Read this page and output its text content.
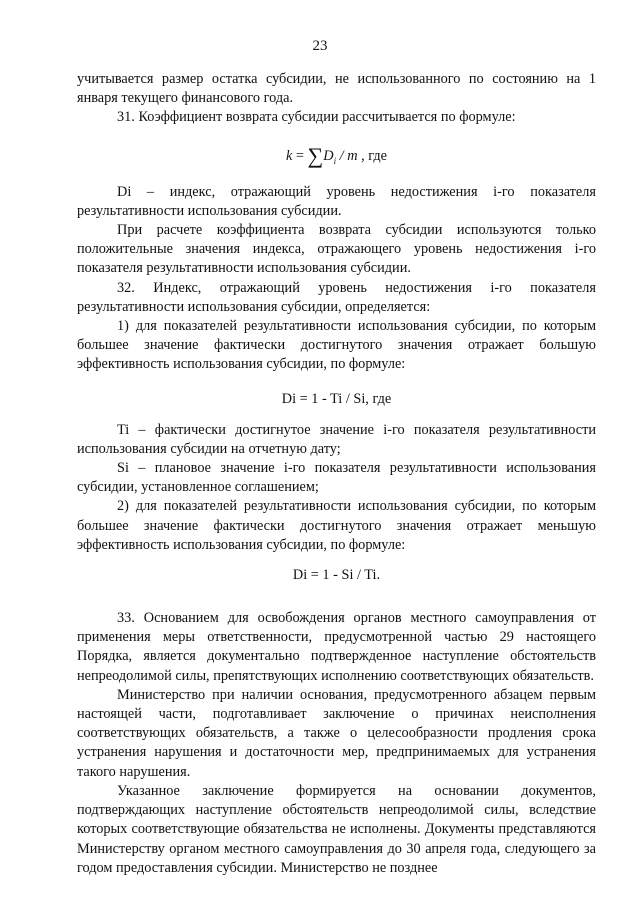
23

учитывается размер остатка субсидии, не использованного по состоянию на 1 января текущего финансового года.

31. Коэффициент возврата субсидии рассчитывается по формуле:

$k = \sum D_i / m$ , где

Di – индекс, отражающий уровень недостижения i-го показателя результативности использования субсидии.

При расчете коэффициента возврата субсидии используются только положительные значения индекса, отражающего уровень недостижения i-го показателя результативности использования субсидии.

32. Индекс, отражающий уровень недостижения i-го показателя результативности использования субсидии, определяется:

1) для показателей результативности использования субсидии, по которым большее значение фактически достигнутого значения отражает большую эффективность использования субсидии, по формуле:

Di = 1 - Ti / Si, где

Ti – фактически достигнутое значение i-го показателя результативности использования субсидии на отчетную дату;

Si – плановое значение i-го показателя результативности использования субсидии, установленное соглашением;

2) для показателей результативности использования субсидии, по которым большее значение фактически достигнутого значения отражает меньшую эффективность использования субсидии, по формуле:

Di = 1 - Si / Ti.

33. Основанием для освобождения органов местного самоуправления от применения меры ответственности, предусмотренной частью 29 настоящего Порядка, является документально подтвержденное наступление обстоятельств непреодолимой силы, препятствующих исполнению соответствующих обязательств.

Министерство при наличии основания, предусмотренного абзацем первым настоящей части, подготавливает заключение о причинах неисполнения соответствующих обязательств, а также о целесообразности продления срока устранения нарушения и достаточности мер, предпринимаемых для устранения такого нарушения.

Указанное заключение формируется на основании документов, подтверждающих наступление обстоятельств непреодолимой силы, вследствие которых соответствующие обязательства не исполнены. Документы представляются Министерству органом местного самоуправления до 30 апреля года, следующего за годом предоставления субсидии. Министерство не позднее
